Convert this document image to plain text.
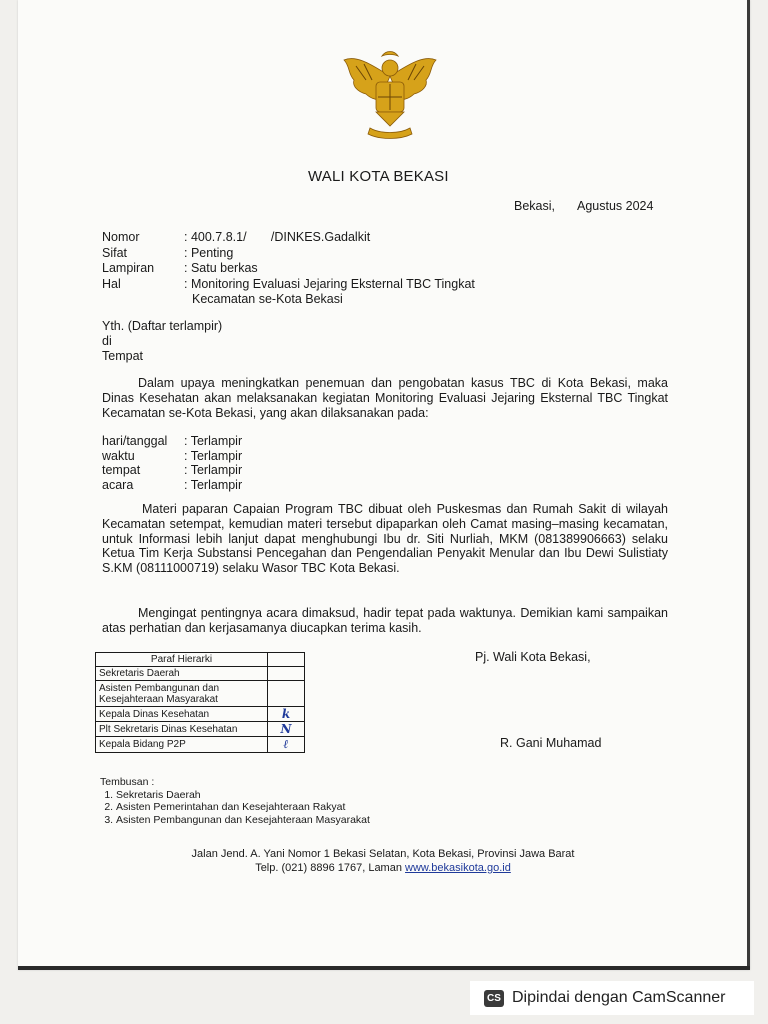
WALI KOTA BEKASI
Bekasi, Agustus 2024
Nomor	: 400.7.8.1/       /DINKES.Gadalkit
Sifat	: Penting
Lampiran	: Satu berkas
Hal	: Monitoring Evaluasi Jejaring Eksternal TBC Tingkat
Kecamatan se-Kota Bekasi
Yth. (Daftar terlampir)
di
Tempat
Dalam upaya meningkatkan penemuan dan pengobatan kasus TBC di Kota Bekasi, maka Dinas Kesehatan akan melaksanakan kegiatan Monitoring Evaluasi Jejaring Eksternal TBC Tingkat Kecamatan se-Kota Bekasi, yang akan dilaksanakan pada:
hari/tanggal	: Terlampir
waktu	: Terlampir
tempat	: Terlampir
acara	: Terlampir
Materi paparan Capaian Program TBC dibuat oleh Puskesmas dan Rumah Sakit di wilayah Kecamatan setempat, kemudian materi tersebut dipaparkan oleh Camat masing–masing kecamatan, untuk Informasi lebih lanjut dapat menghubungi Ibu dr. Siti Nurliah, MKM (081389906663) selaku Ketua Tim Kerja Substansi Pencegahan dan Pengendalian Penyakit Menular dan Ibu Dewi Sulistiaty S.KM (08111000719) selaku Wasor TBC Kota Bekasi.
Mengingat pentingnya acara dimaksud, hadir tepat pada waktunya. Demikian kami sampaikan atas perhatian dan kerjasamanya diucapkan terima kasih.
Paraf Hierarki	
Sekretaris Daerah	
Asisten Pembangunan dan Kesejahteraan Masyarakat	
Kepala Dinas Kesehatan	k
Plt Sekretaris Dinas Kesehatan	N
Kepala Bidang P2P	ℓ
Pj. Wali Kota Bekasi,
R. Gani Muhamad
Tembusan :
1. Sekretaris Daerah
2. Asisten Pemerintahan dan Kesejahteraan Rakyat
3. Asisten Pembangunan dan Kesejahteraan Masyarakat
Jalan Jend. A. Yani Nomor 1 Bekasi Selatan, Kota Bekasi, Provinsi Jawa Barat
Telp. (021) 8896 1767, Laman www.bekasikota.go.id
CS Dipindai dengan CamScanner
